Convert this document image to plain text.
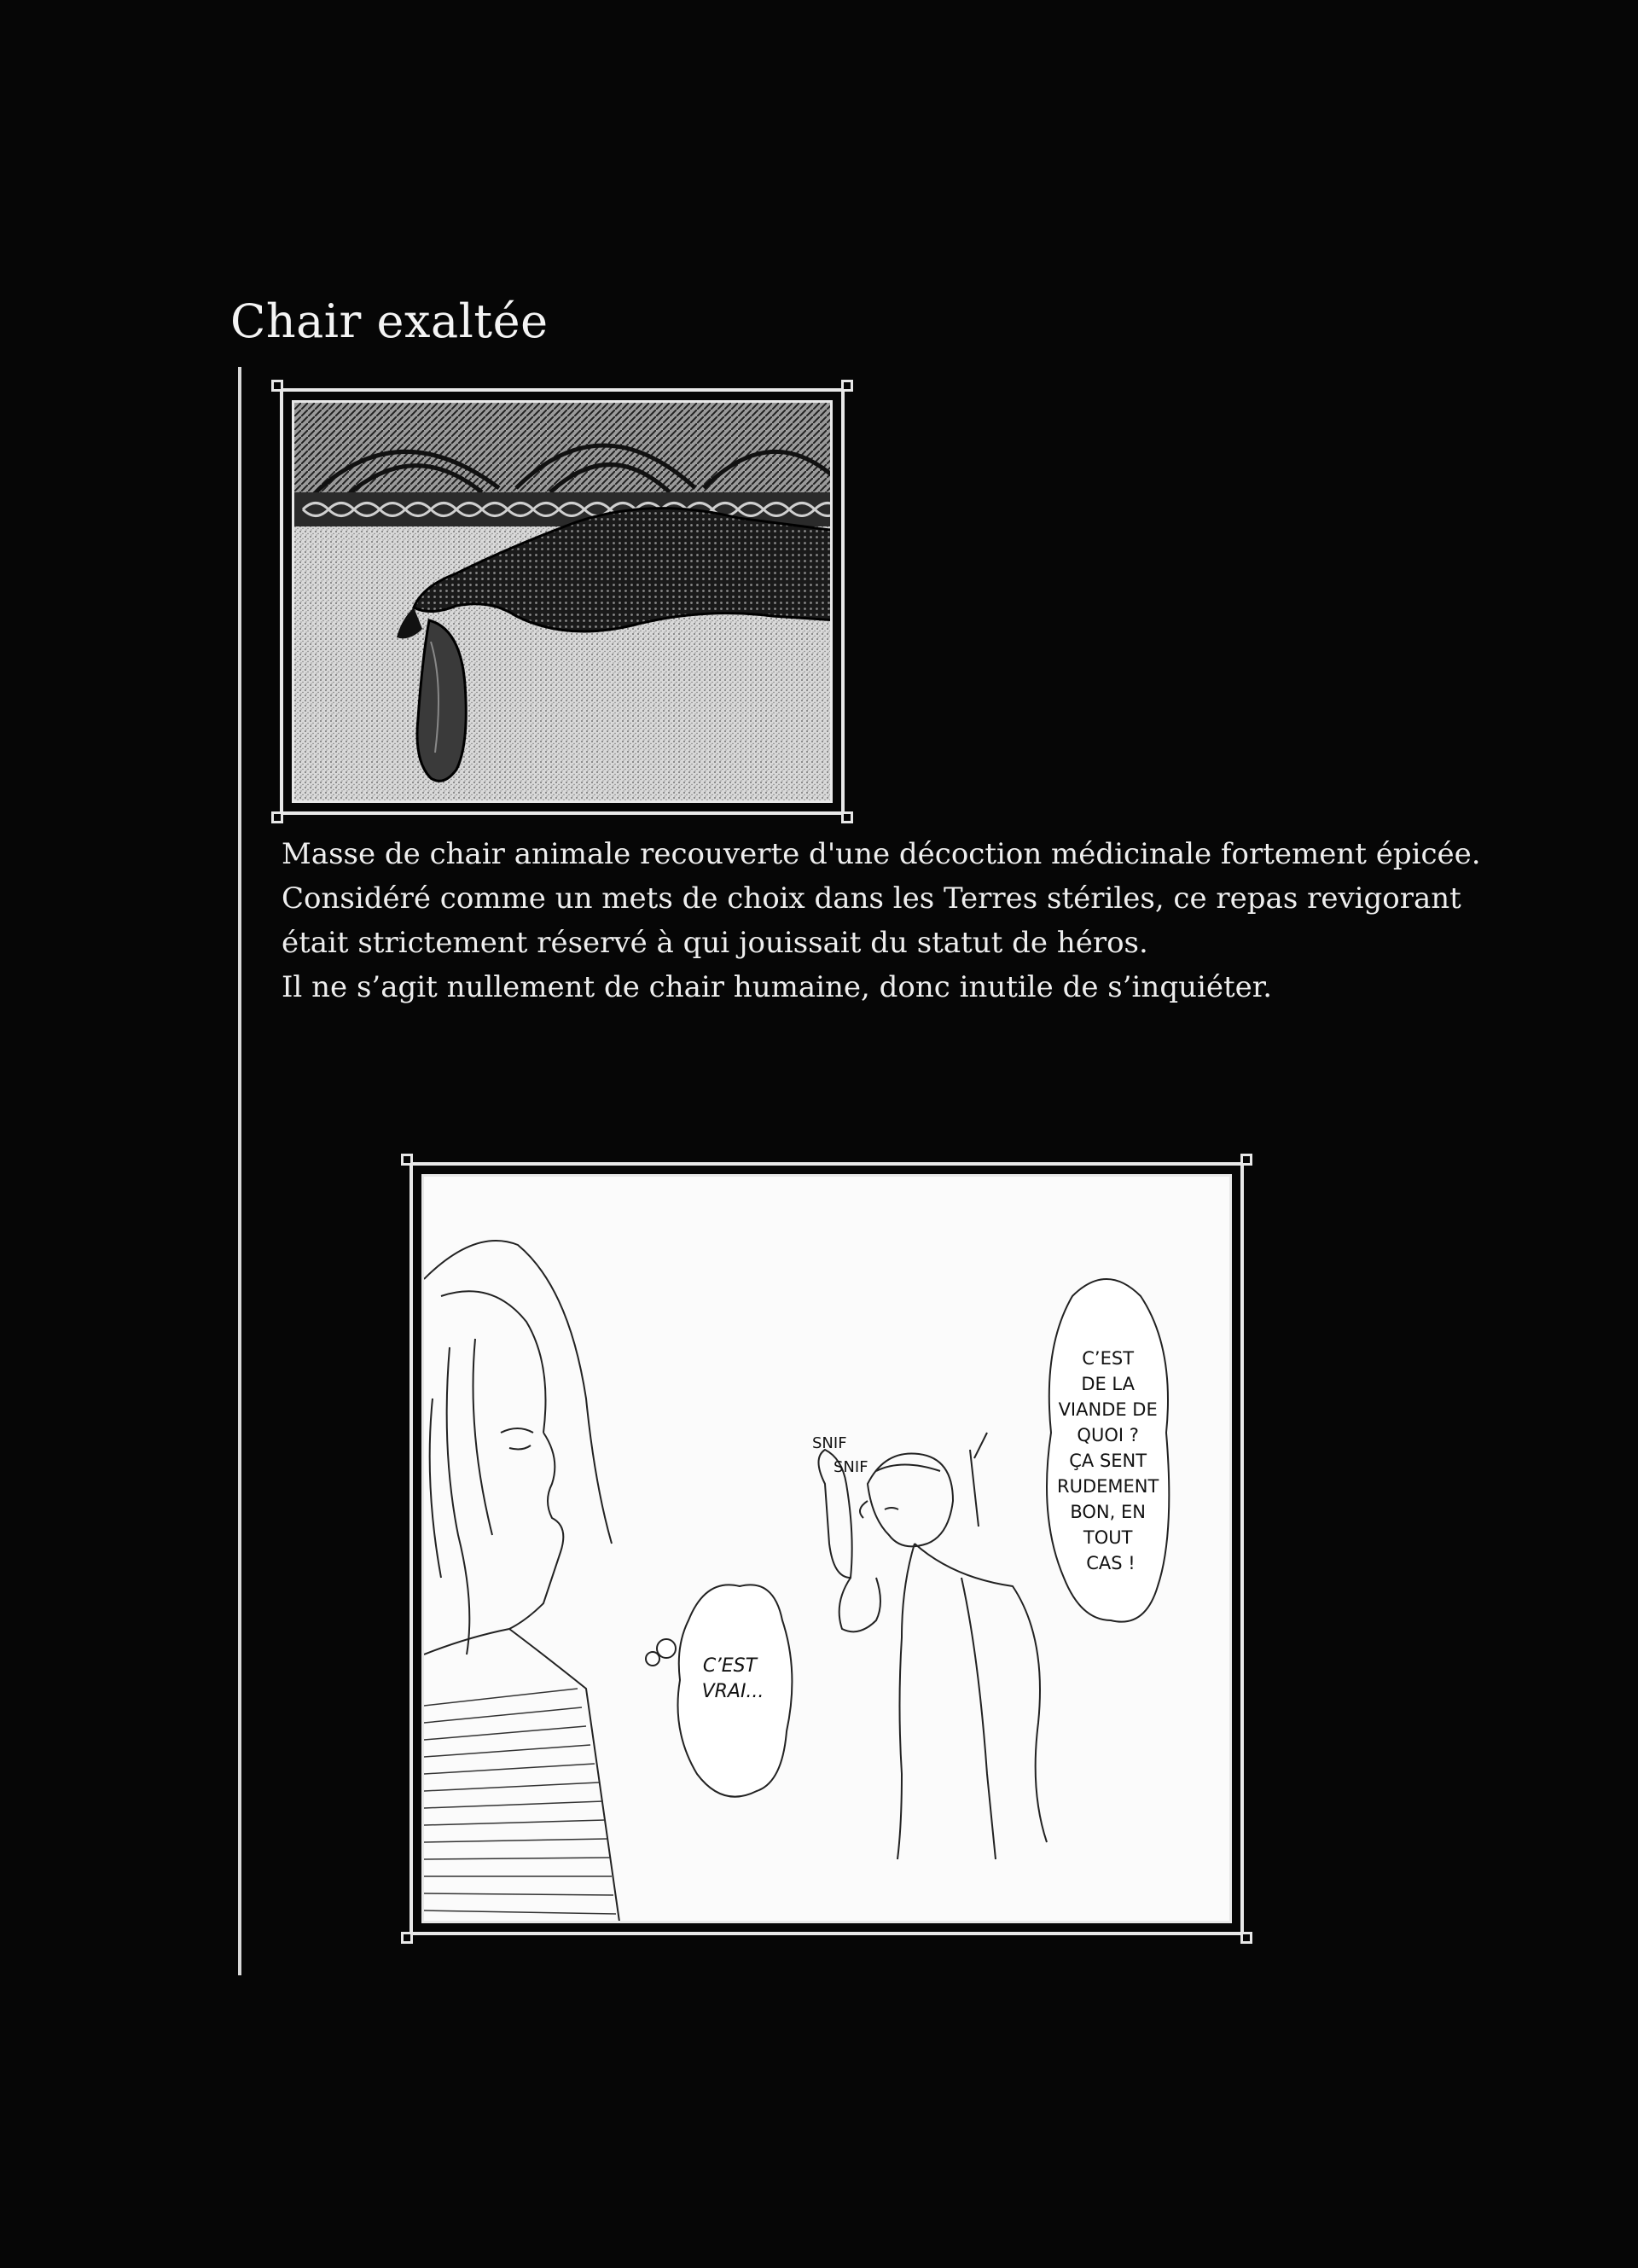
Chair exaltée

Masse de chair animale recouverte d'une décoction médicinale fortement épicée.

Considéré comme un mets de choix dans les Terres stériles, ce repas revigorant

était strictement réservé à qui jouissait du statut de héros.

Il ne s’agit nullement de chair humaine, donc inutile de s’inquiéter.

C’EST VRAI...
SNIF SNIF
C’EST DE LA VIANDE DE QUOI ? ÇA SENT RUDEMENT BON, EN TOUT CAS !
